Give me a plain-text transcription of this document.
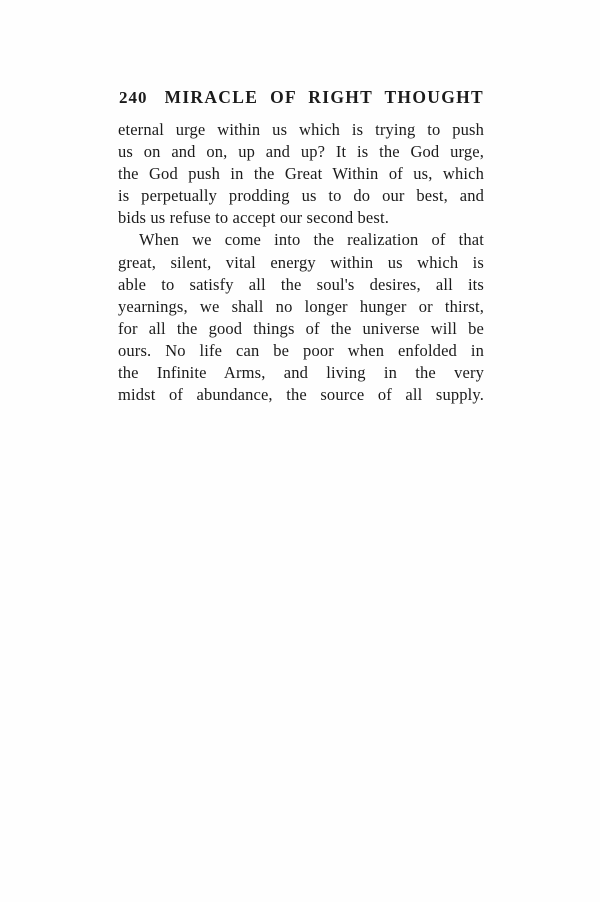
240 MIRACLE OF RIGHT THOUGHT
eternal urge within us which is trying to push
us on and on, up and up? It is the God urge,
the God push in the Great Within of us, which
is perpetually prodding us to do our best, and
bids us refuse to accept our second best.
When we come into the realization of that
great, silent, vital energy within us which is
able to satisfy all the soul's desires, all its
yearnings, we shall no longer hunger or thirst,
for all the good things of the universe will be
ours. No life can be poor when enfolded in
the Infinite Arms, and living in the very
midst of abundance, the source of all supply.
